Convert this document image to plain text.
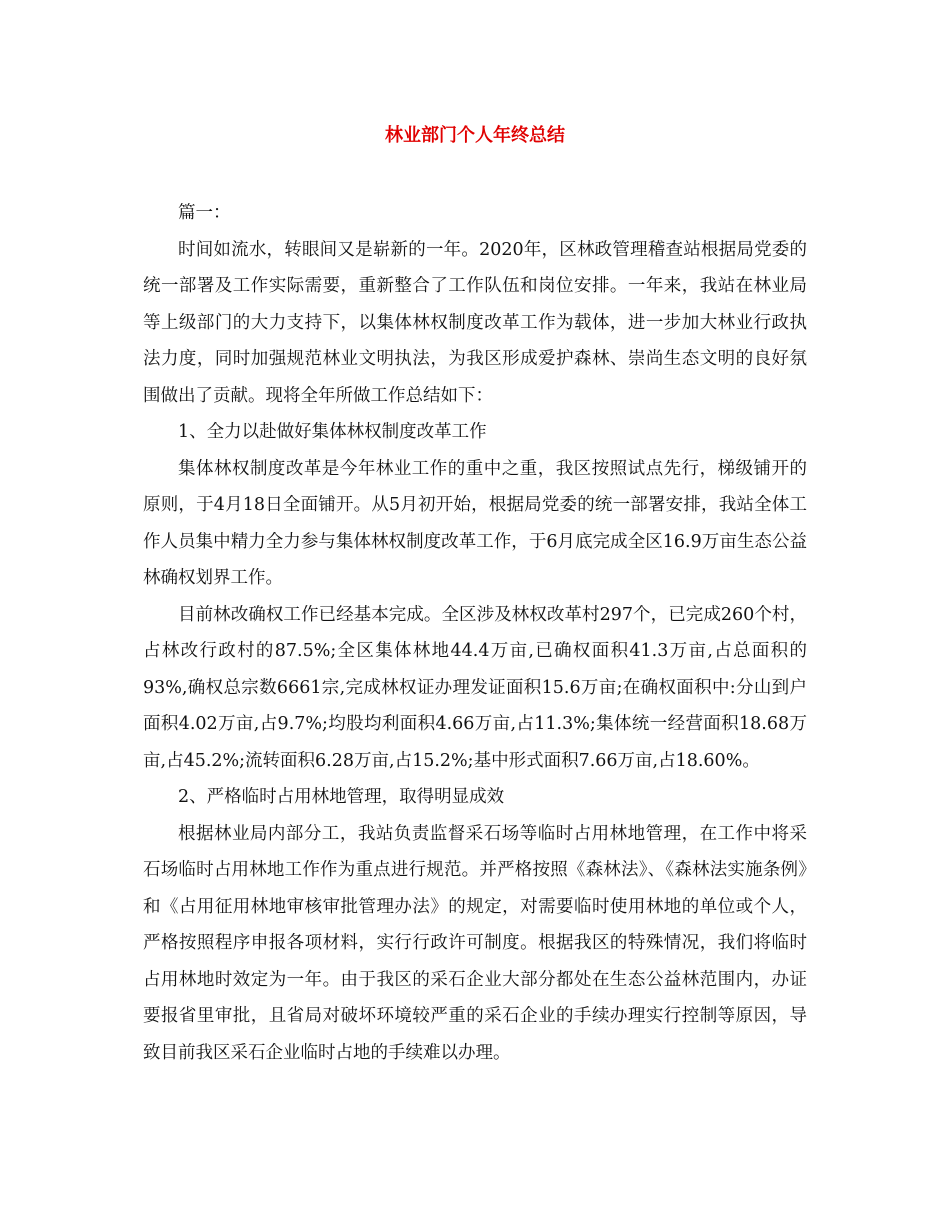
林业部门个人年终总结

篇一：

时间如流水，转眼间又是崭新的一年。2020年，区林政管理稽查站根据局党委的统一部署及工作实际需要，重新整合了工作队伍和岗位安排。一年来，我站在林业局等上级部门的大力支持下，以集体林权制度改革工作为载体，进一步加大林业行政执法力度，同时加强规范林业文明执法，为我区形成爱护森林、崇尚生态文明的良好氛围做出了贡献。现将全年所做工作总结如下：

1、全力以赴做好集体林权制度改革工作

集体林权制度改革是今年林业工作的重中之重，我区按照试点先行，梯级铺开的原则，于4月18日全面铺开。从5月初开始，根据局党委的统一部署安排，我站全体工作人员集中精力全力参与集体林权制度改革工作，于6月底完成全区16.9万亩生态公益林确权划界工作。

目前林改确权工作已经基本完成。全区涉及林权改革村297个，已完成260个村，占林改行政村的87.5%;全区集体林地44.4万亩,已确权面积41.3万亩,占总面积的93%,确权总宗数6661宗,完成林权证办理发证面积15.6万亩;在确权面积中:分山到户面积4.02万亩,占9.7%;均股均利面积4.66万亩,占11.3%;集体统一经营面积18.68万亩,占45.2%;流转面积6.28万亩,占15.2%;基中形式面积7.66万亩,占18.60%。

2、严格临时占用林地管理，取得明显成效

根据林业局内部分工，我站负责监督采石场等临时占用林地管理，在工作中将采石场临时占用林地工作作为重点进行规范。并严格按照《森林法》、《森林法实施条例》和《占用征用林地审核审批管理办法》的规定，对需要临时使用林地的单位或个人，严格按照程序申报各项材料，实行行政许可制度。根据我区的特殊情况，我们将临时占用林地时效定为一年。由于我区的采石企业大部分都处在生态公益林范围内，办证要报省里审批，且省局对破坏环境较严重的采石企业的手续办理实行控制等原因，导致目前我区采石企业临时占地的手续难以办理。
